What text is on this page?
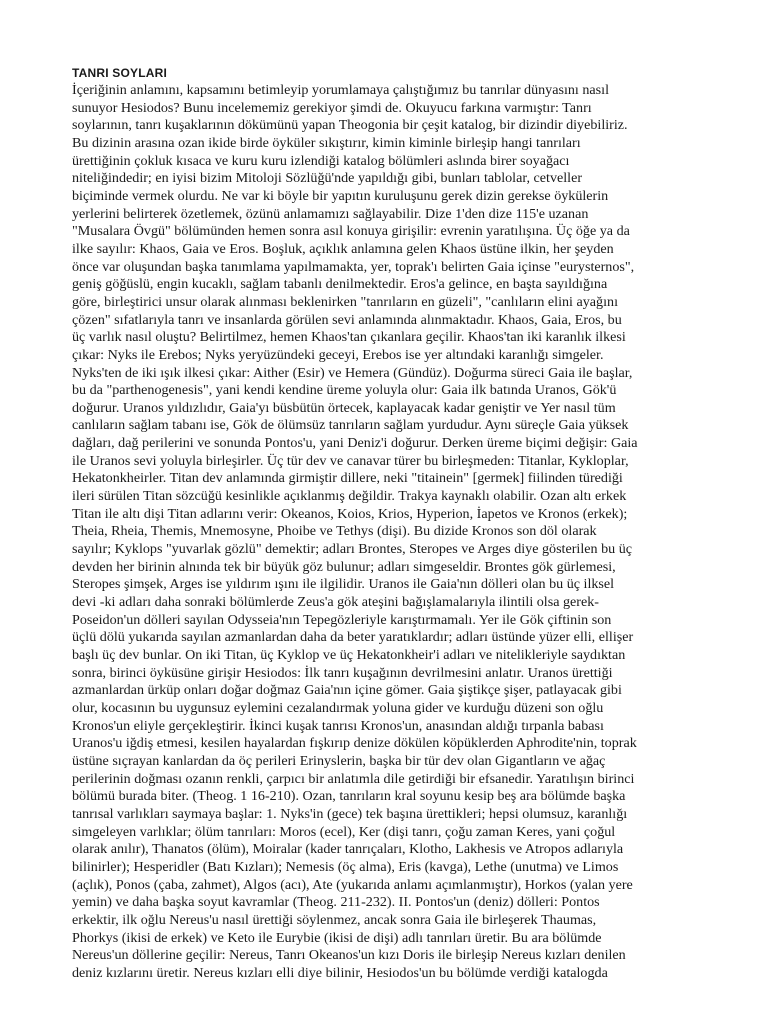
TANRI SOYLARI
İçeriğinin anlamını, kapsamını betimleyip yorumlamaya çalıştığımız bu tanrılar dünyasını nasıl
sunuyor Hesiodos? Bunu incelememiz gerekiyor şimdi de. Okuyucu farkına varmıştır: Tanrı
soylarının, tanrı kuşaklarının dökümünü yapan Theogonia bir çeşit katalog, bir dizindir diyebiliriz.
Bu dizinin arasına ozan ikide birde öyküler sıkıştırır, kimin kiminle birleşip hangi tanrıları
ürettiğinin çokluk kısaca ve kuru kuru izlendiği katalog bölümleri aslında birer soyağacı
niteliğindedir; en iyisi bizim Mitoloji Sözlüğü'nde yapıldığı gibi, bunları tablolar, cetveller
biçiminde vermek olurdu. Ne var ki böyle bir yapıtın kuruluşunu gerek dizin gerekse öykülerin
yerlerini belirterek özetlemek, özünü anlamamızı sağlayabilir. Dize 1'den dize 115'e uzanan
"Musalara Övgü" bölümünden hemen sonra asıl konuya girişilir: evrenin yaratılışına. Üç öğe ya da
ilke sayılır: Khaos, Gaia ve Eros. Boşluk, açıklık anlamına gelen Khaos üstüne ilkin, her şeyden
önce var oluşundan başka tanımlama yapılmamakta, yer, toprak'ı belirten Gaia içinse "eurysternos",
geniş göğüslü, engin kucaklı, sağlam tabanlı denilmektedir. Eros'a gelince, en başta sayıldığına
göre, birleştirici unsur olarak alınması beklenirken "tanrıların en güzeli", "canlıların elini ayağını
çözen" sıfatlarıyla tanrı ve insanlarda görülen sevi anlamında alınmaktadır. Khaos, Gaia, Eros, bu
üç varlık nasıl oluştu? Belirtilmez, hemen Khaos'tan çıkanlara geçilir. Khaos'tan iki karanlık ilkesi
çıkar: Nyks ile Erebos; Nyks yeryüzündeki geceyi, Erebos ise yer altındaki karanlığı simgeler.
Nyks'ten de iki ışık ilkesi çıkar: Aither (Esir) ve Hemera (Gündüz). Doğurma süreci Gaia ile başlar,
bu da "parthenogenesis", yani kendi kendine üreme yoluyla olur: Gaia ilk batında Uranos, Gök'ü
doğurur. Uranos yıldızlıdır, Gaia'yı büsbütün örtecek, kaplayacak kadar geniştir ve Yer nasıl tüm
canlıların sağlam tabanı ise, Gök de ölümsüz tanrıların sağlam yurdudur. Aynı süreçle Gaia yüksek
dağları, dağ perilerini ve sonunda Pontos'u, yani Deniz'i doğurur. Derken üreme biçimi değişir: Gaia
ile Uranos sevi yoluyla birleşirler. Üç tür dev ve canavar türer bu birleşmeden: Titanlar, Kykloplar,
Hekatonkheirler. Titan dev anlamında girmiştir dillere, neki "titainein" [germek] fiilinden türediği
ileri sürülen Titan sözcüğü kesinlikle açıklanmış değildir. Trakya kaynaklı olabilir. Ozan altı erkek
Titan ile altı dişi Titan adlarını verir: Okeanos, Koios, Krios, Hyperion, İapetos ve Kronos (erkek);
Theia, Rheia, Themis, Mnemosyne, Phoibe ve Tethys (dişi). Bu dizide Kronos son döl olarak
sayılır; Kyklops "yuvarlak gözlü" demektir; adları Brontes, Steropes ve Arges diye gösterilen bu üç
devden her birinin alnında tek bir büyük göz bulunur; adları simgeseldir. Brontes gök gürlemesi,
Steropes şimşek, Arges ise yıldırım ışını ile ilgilidir. Uranos ile Gaia'nın dölleri olan bu üç ilksel
devi -ki adları daha sonraki bölümlerde Zeus'a gök ateşini bağışlamalarıyla ilintili olsa gerek-
Poseidon'un dölleri sayılan Odysseia'nın Tepegözleriyle karıştırmamalı. Yer ile Gök çiftinin son
üçlü dölü yukarıda sayılan azmanlardan daha da beter yaratıklardır; adları üstünde yüzer elli, ellişer
başlı üç dev bunlar. On iki Titan, üç Kyklop ve üç Hekatonkheir'i adları ve nitelikleriyle saydıktan
sonra, birinci öyküsüne girişir Hesiodos: İlk tanrı kuşağının devrilmesini anlatır. Uranos ürettiği
azmanlardan ürküp onları doğar doğmaz Gaia'nın içine gömer. Gaia şiştikçe şişer, patlayacak gibi
olur, kocasının bu uygunsuz eylemini cezalandırmak yoluna gider ve kurduğu düzeni son oğlu
Kronos'un eliyle gerçekleştirir. İkinci kuşak tanrısı Kronos'un, anasından aldığı tırpanla babası
Uranos'u iğdiş etmesi, kesilen hayalardan fışkırıp denize dökülen köpüklerden Aphrodite'nin, toprak
üstüne sıçrayan kanlardan da öç perileri Erinyslerin, başka bir tür dev olan Gigantların ve ağaç
perilerinin doğması ozanın renkli, çarpıcı bir anlatımla dile getirdiği bir efsanedir. Yaratılışın birinci
bölümü burada biter. (Theog. 1 16-210). Ozan, tanrıların kral soyunu kesip beş ara bölümde başka
tanrısal varlıkları saymaya başlar: 1. Nyks'in (gece) tek başına ürettikleri; hepsi olumsuz, karanlığı
simgeleyen varlıklar; ölüm tanrıları: Moros (ecel), Ker (dişi tanrı, çoğu zaman Keres, yani çoğul
olarak anılır), Thanatos (ölüm), Moiralar (kader tanrıçaları, Klotho, Lakhesis ve Atropos adlarıyla
bilinirler); Hesperidler (Batı Kızları); Nemesis (öç alma), Eris (kavga), Lethe (unutma) ve Limos
(açlık), Ponos (çaba, zahmet), Algos (acı), Ate (yukarıda anlamı açımlanmıştır), Horkos (yalan yere
yemin) ve daha başka soyut kavramlar (Theog. 211-232). II. Pontos'un (deniz) dölleri: Pontos
erkektir, ilk oğlu Nereus'u nasıl ürettiği söylenmez, ancak sonra Gaia ile birleşerek Thaumas,
Phorkys (ikisi de erkek) ve Keto ile Eurybie (ikisi de dişi) adlı tanrıları üretir. Bu ara bölümde
Nereus'un döllerine geçilir: Nereus, Tanrı Okeanos'un kızı Doris ile birleşip Nereus kızları denilen
deniz kızlarını üretir. Nereus kızları elli diye bilinir, Hesiodos'un bu bölümde verdiği katalogda
